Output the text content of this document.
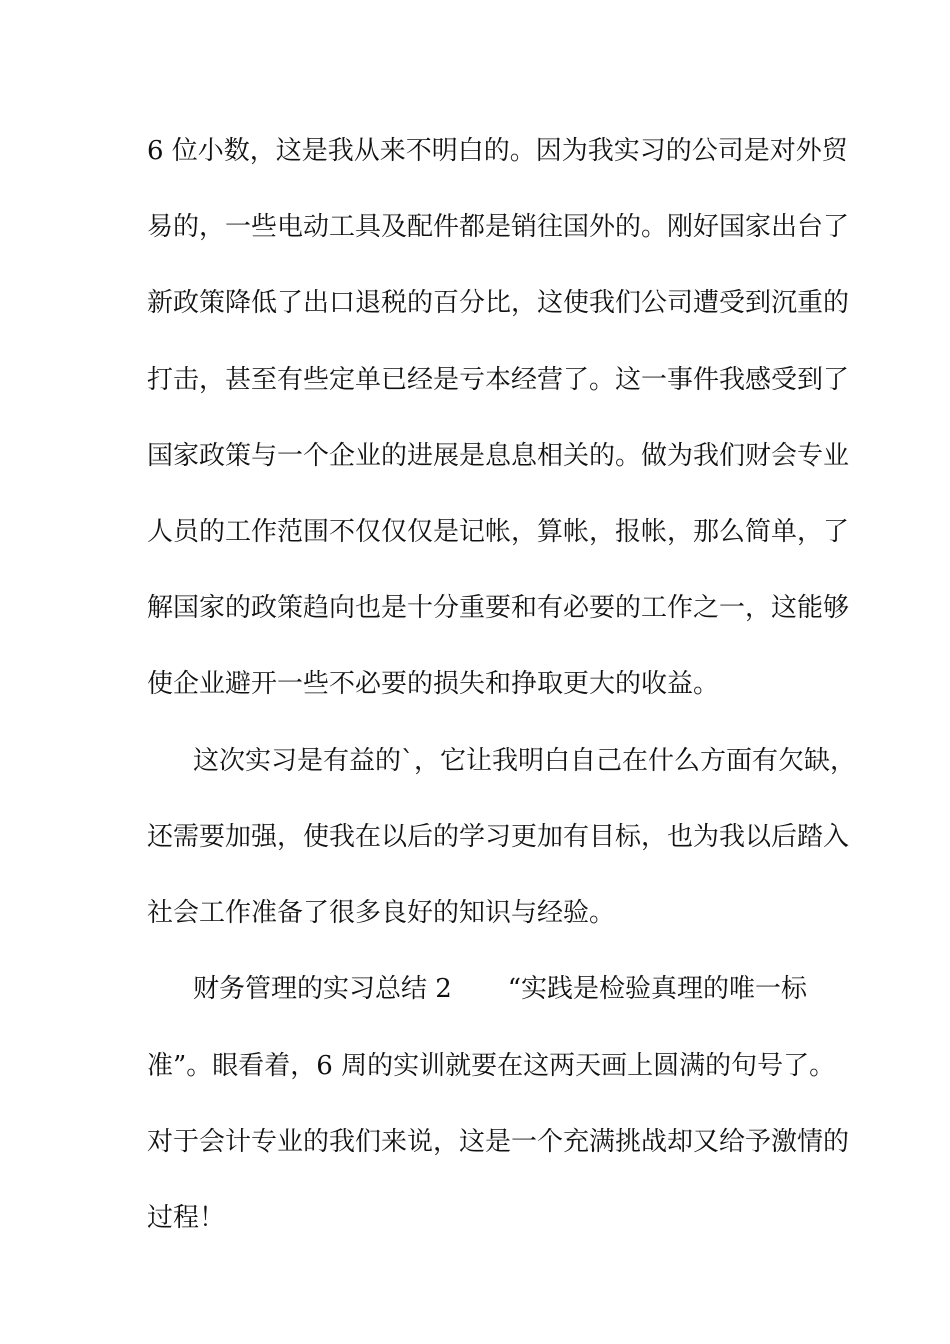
6 位小数，这是我从来不明白的。因为我实习的公司是对外贸
易的，一些电动工具及配件都是销往国外的。刚好国家出台了
新政策降低了出口退税的百分比，这使我们公司遭受到沉重的
打击，甚至有些定单已经是亏本经营了。这一事件我感受到了
国家政策与一个企业的进展是息息相关的。做为我们财会专业
人员的工作范围不仅仅仅是记帐，算帐，报帐，那么简单，了
解国家的政策趋向也是十分重要和有必要的工作之一，这能够
使企业避开一些不必要的损失和挣取更大的收益。
这次实习是有益的`，它让我明白自己在什么方面有欠缺，
还需要加强，使我在以后的学习更加有目标，也为我以后踏入
社会工作准备了很多良好的知识与经验。
财务管理的实习总结 2 “实践是检验真理的唯一标
准”。眼看着，6 周的实训就要在这两天画上圆满的句号了。
对于会计专业的我们来说，这是一个充满挑战却又给予激情的
过程！
